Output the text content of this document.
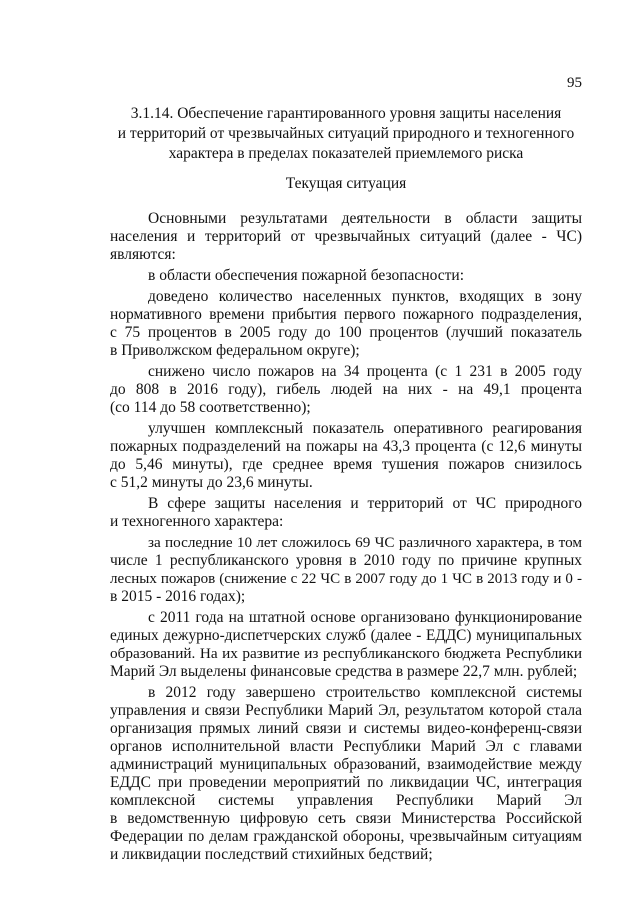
95
3.1.14. Обеспечение гарантированного уровня защиты населения
и территорий от чрезвычайных ситуаций природного и техногенного
характера в пределах показателей приемлемого риска
Текущая ситуация
Основными результатами деятельности в области защиты
населения и территорий от чрезвычайных ситуаций (далее - ЧС)
являются:
в области обеспечения пожарной безопасности:
доведено количество населенных пунктов, входящих в зону
нормативного времени прибытия первого пожарного подразделения,
с 75 процентов в 2005 году до 100 процентов (лучший показатель
в Приволжском федеральном округе);
снижено число пожаров на 34 процента (с 1 231 в 2005 году
до 808 в 2016 году), гибель людей на них - на 49,1 процента
(со 114 до 58 соответственно);
улучшен комплексный показатель оперативного реагирования
пожарных подразделений на пожары на 43,3 процента (с 12,6 минуты
до 5,46 минуты), где среднее время тушения пожаров снизилось
с 51,2 минуты до 23,6 минуты.
В сфере защиты населения и территорий от ЧС природного
и техногенного характера:
за последние 10 лет сложилось 69 ЧС различного характера, в том
числе 1 республиканского уровня в 2010 году по причине крупных
лесных пожаров (снижение с 22 ЧС в 2007 году до 1 ЧС в 2013 году и 0 -
в 2015 - 2016 годах);
с 2011 года на штатной основе организовано функционирование
единых дежурно-диспетчерских служб (далее - ЕДДС) муниципальных
образований. На их развитие из республиканского бюджета Республики
Марий Эл выделены финансовые средства в размере 22,7 млн. рублей;
в 2012 году завершено строительство комплексной системы
управления и связи Республики Марий Эл, результатом которой стала
организация прямых линий связи и системы видео-конференц-связи
органов исполнительной власти Республики Марий Эл с главами
администраций муниципальных образований, взаимодействие между
ЕДДС при проведении мероприятий по ликвидации ЧС, интеграция
комплексной системы управления Республики Марий Эл
в ведомственную цифровую сеть связи Министерства Российской
Федерации по делам гражданской обороны, чрезвычайным ситуациям
и ликвидации последствий стихийных бедствий;
